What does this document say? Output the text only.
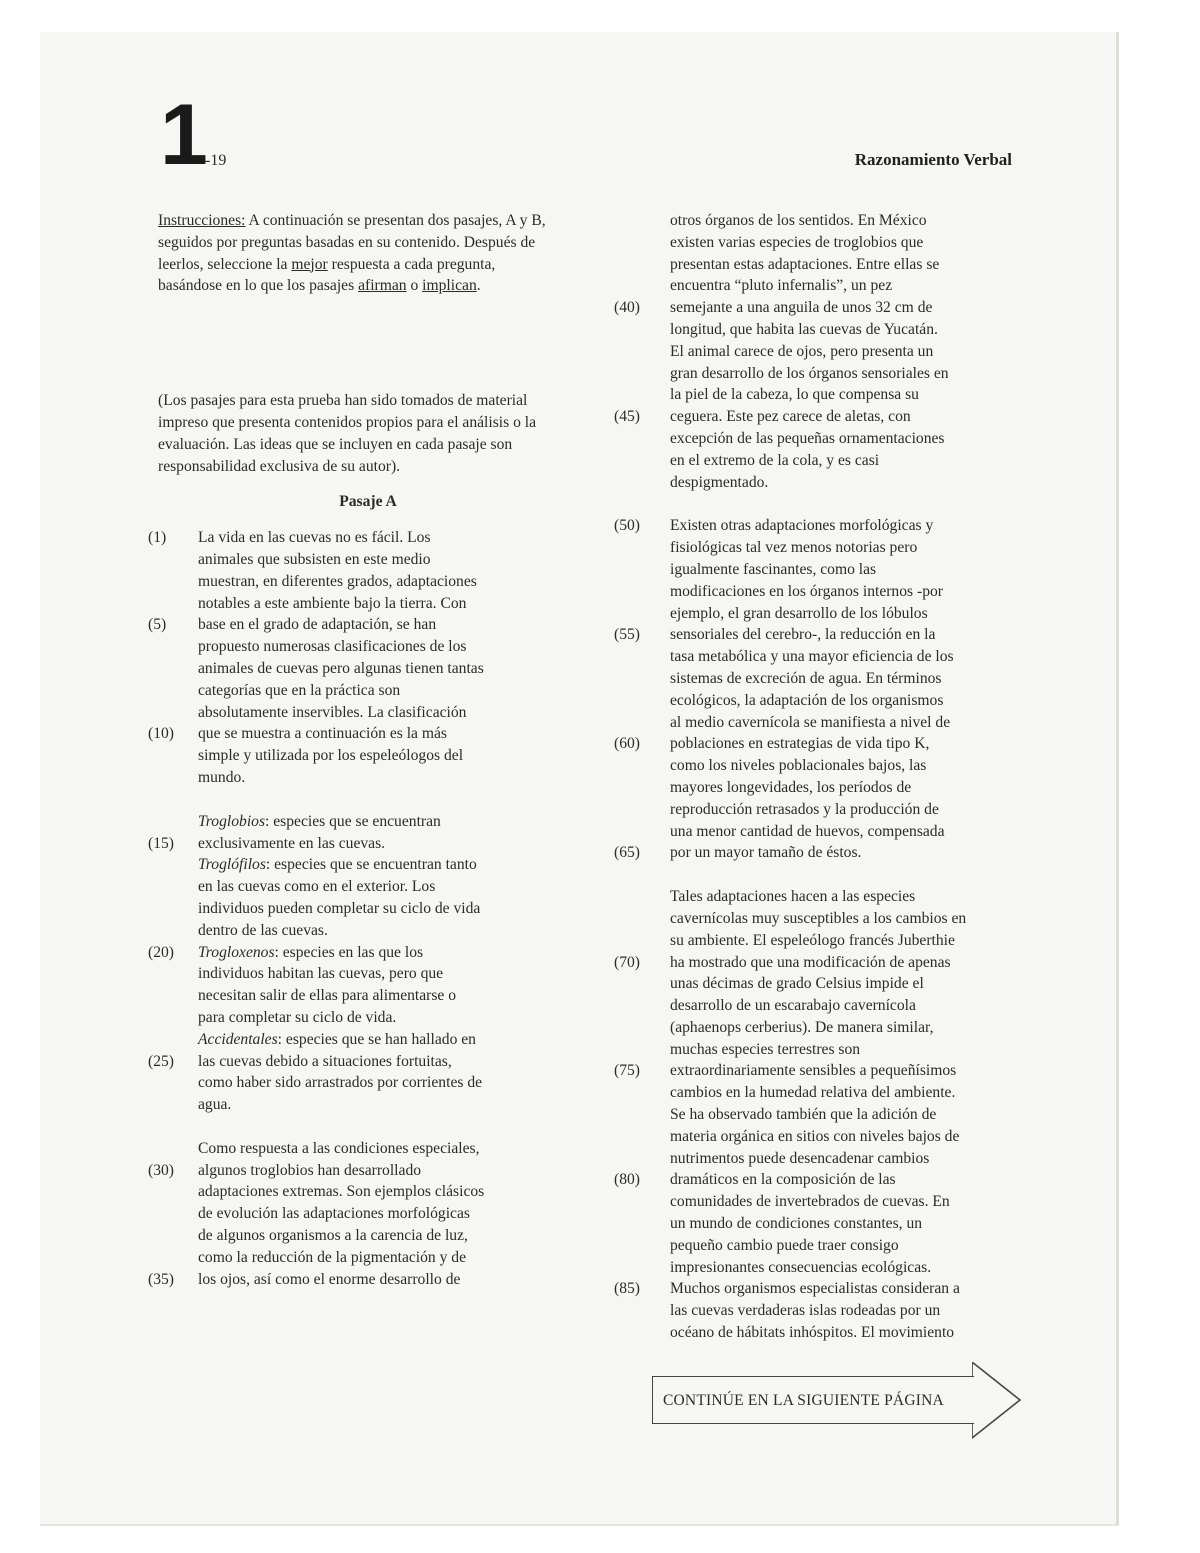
1
-19	Razonamiento Verbal

Instrucciones: A continuación se presentan dos pasajes, A y B, seguidos por preguntas basadas en su contenido. Después de leerlos, seleccione la mejor respuesta a cada pregunta, basándose en lo que los pasajes afirman o implican.

(Los pasajes para esta prueba han sido tomados de material impreso que presenta contenidos propios para el análisis o la evaluación. Las ideas que se incluyen en cada pasaje son responsabilidad exclusiva de su autor).

Pasaje A
(1)	La vida en las cuevas no es fácil. Los
animales que subsisten en este medio
muestran, en diferentes grados, adaptaciones
notables a este ambiente bajo la tierra. Con
(5)	base en el grado de adaptación, se han
propuesto numerosas clasificaciones de los
animales de cuevas pero algunas tienen tantas
categorías que en la práctica son
absolutamente inservibles. La clasificación
(10)	que se muestra a continuación es la más
simple y utilizada por los espeleólogos del
mundo.
Troglobios: especies que se encuentran
(15)	exclusivamente en las cuevas.
Troglófilos: especies que se encuentran tanto
en las cuevas como en el exterior. Los
individuos pueden completar su ciclo de vida
dentro de las cuevas.
(20)	Trogloxenos: especies en las que los
individuos habitan las cuevas, pero que
necesitan salir de ellas para alimentarse o
para completar su ciclo de vida.
Accidentales: especies que se han hallado en
(25)	las cuevas debido a situaciones fortuitas,
como haber sido arrastrados por corrientes de
agua.
Como respuesta a las condiciones especiales,
(30)	algunos troglobios han desarrollado
adaptaciones extremas. Son ejemplos clásicos
de evolución las adaptaciones morfológicas
de algunos organismos a la carencia de luz,
como la reducción de la pigmentación y de
(35)	los ojos, así como el enorme desarrollo de
otros órganos de los sentidos. En México
existen varias especies de troglobios que
presentan estas adaptaciones. Entre ellas se
encuentra “pluto infernalis”, un pez
(40)	semejante a una anguila de unos 32 cm de
longitud, que habita las cuevas de Yucatán.
El animal carece de ojos, pero presenta un
gran desarrollo de los órganos sensoriales en
la piel de la cabeza, lo que compensa su
(45)	ceguera. Este pez carece de aletas, con
excepción de las pequeñas ornamentaciones
en el extremo de la cola, y es casi
despigmentado.
(50)	Existen otras adaptaciones morfológicas y
fisiológicas tal vez menos notorias pero
igualmente fascinantes, como las
modificaciones en los órganos internos -por
ejemplo, el gran desarrollo de los lóbulos
(55)	sensoriales del cerebro-, la reducción en la
tasa metabólica y una mayor eficiencia de los
sistemas de excreción de agua. En términos
ecológicos, la adaptación de los organismos
al medio cavernícola se manifiesta a nivel de
(60)	poblaciones en estrategias de vida tipo K,
como los niveles poblacionales bajos, las
mayores longevidades, los períodos de
reproducción retrasados y la producción de
una menor cantidad de huevos, compensada
(65)	por un mayor tamaño de éstos.
Tales adaptaciones hacen a las especies
cavernícolas muy susceptibles a los cambios en
su ambiente. El espeleólogo francés Juberthie
(70)	ha mostrado que una modificación de apenas
unas décimas de grado Celsius impide el
desarrollo de un escarabajo cavernícola
(aphaenops cerberius). De manera similar,
muchas especies terrestres son
(75)	extraordinariamente sensibles a pequeñísimos
cambios en la humedad relativa del ambiente.
Se ha observado también que la adición de
materia orgánica en sitios con niveles bajos de
nutrimentos puede desencadenar cambios
(80)	dramáticos en la composición de las
comunidades de invertebrados de cuevas. En
un mundo de condiciones constantes, un
pequeño cambio puede traer consigo
impresionantes consecuencias ecológicas.
(85)	Muchos organismos especialistas consideran a
las cuevas verdaderas islas rodeadas por un
océano de hábitats inhóspitos. El movimiento
CONTINÚE EN LA SIGUIENTE PÁGINA
